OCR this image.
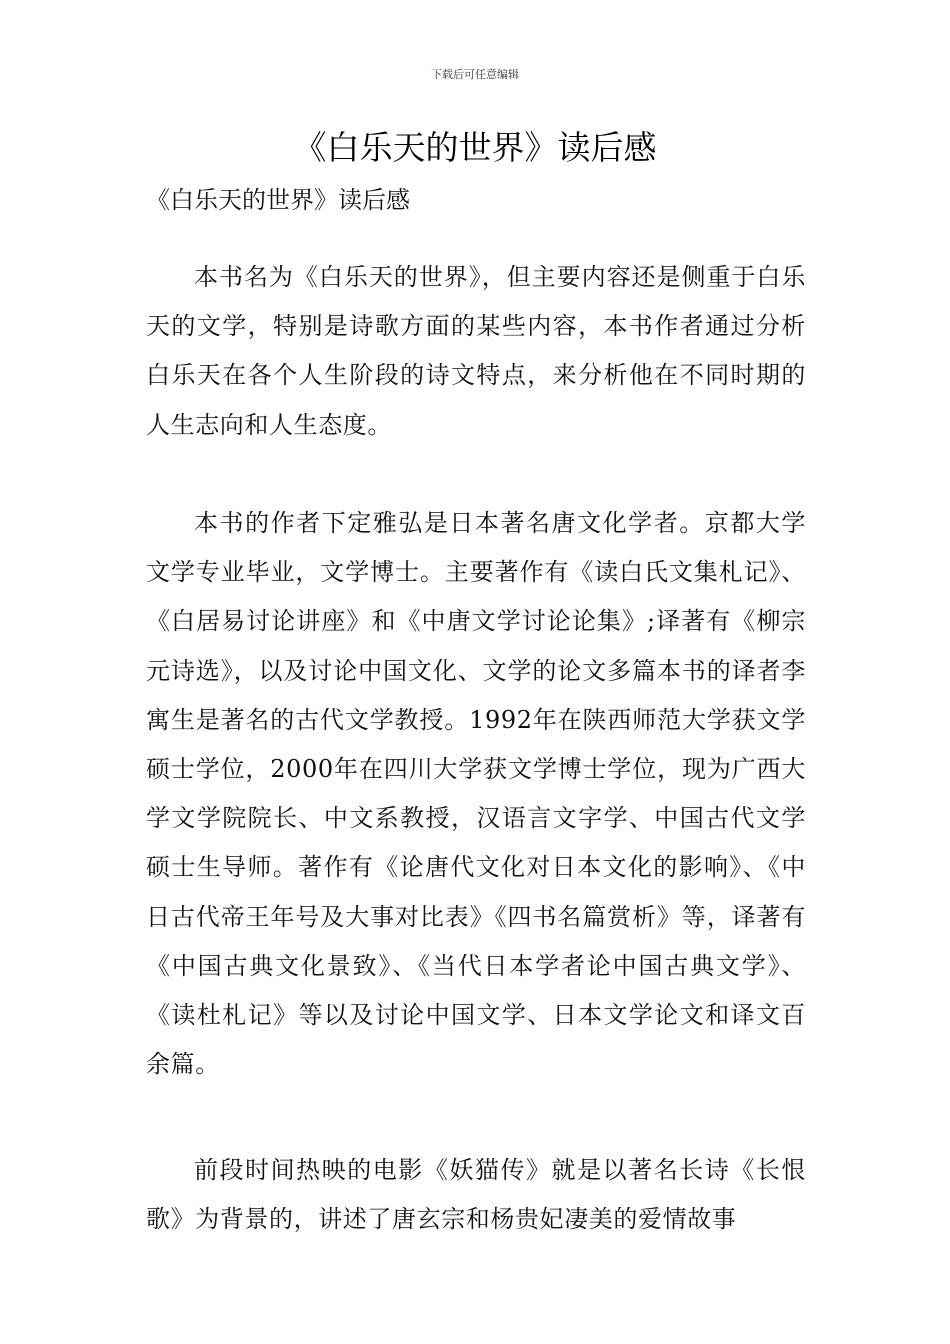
下载后可任意编辑
《白乐天的世界》读后感
《白乐天的世界》读后感

本书名为《白乐天的世界》，但主要内容还是侧重于白乐天的文学，特别是诗歌方面的某些内容，本书作者通过分析白乐天在各个人生阶段的诗文特点，来分析他在不同时期的人生志向和人生态度。

本书的作者下定雅弘是日本著名唐文化学者。京都大学文学专业毕业，文学博士。主要著作有《读白氏文集札记》、《白居易讨论讲座》和《中唐文学讨论论集》;译著有《柳宗元诗选》，以及讨论中国文化、文学的论文多篇本书的译者李寓生是著名的古代文学教授。1992年在陕西师范大学获文学硕士学位，2000年在四川大学获文学博士学位，现为广西大学文学院院长、中文系教授，汉语言文字学、中国古代文学硕士生导师。著作有《论唐代文化对日本文化的影响》、《中日古代帝王年号及大事对比表》《四书名篇赏析》等，译著有《中国古典文化景致》、《当代日本学者论中国古典文学》、《读杜札记》等以及讨论中国文学、日本文学论文和译文百余篇。

前段时间热映的电影《妖猫传》就是以著名长诗《长恨歌》为背景的，讲述了唐玄宗和杨贵妃凄美的爱情故事
